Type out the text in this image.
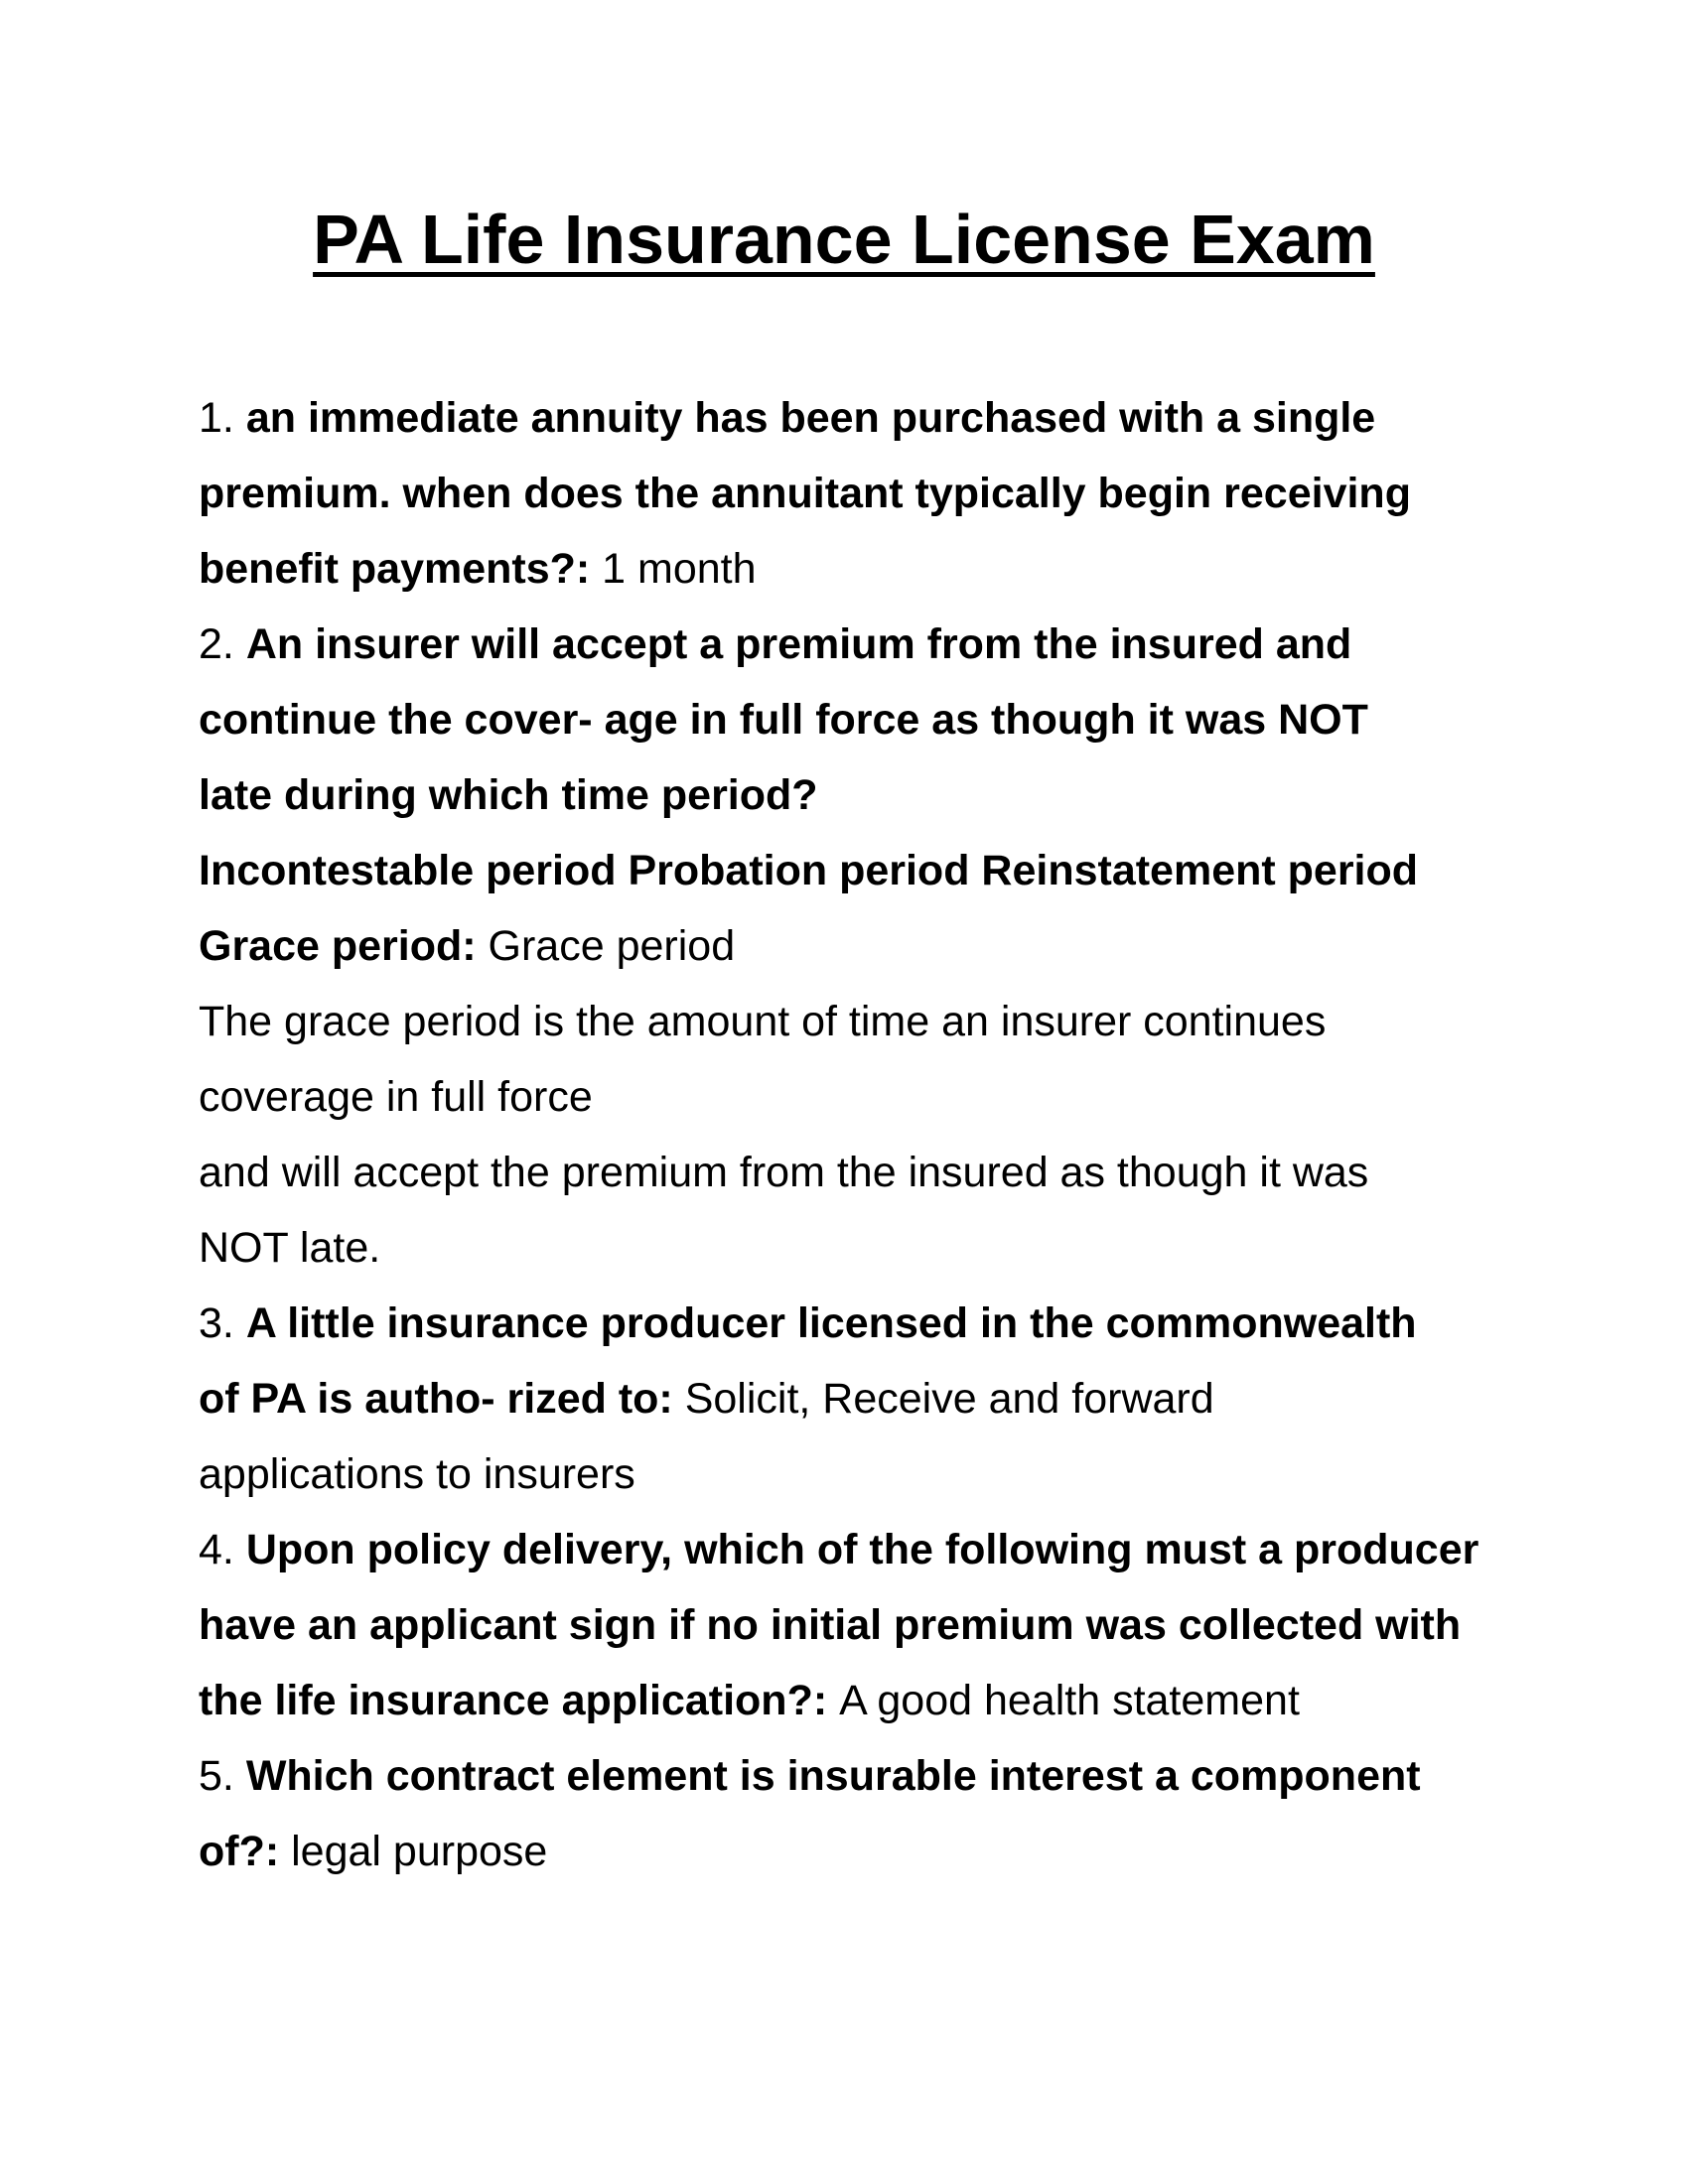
PA Life Insurance License Exam
1. an immediate annuity has been purchased with a single
premium. when does the annuitant typically begin receiving
benefit payments?: 1 month
2. An insurer will accept a premium from the insured and
continue the cover- age in full force as though it was NOT
late during which time period?
Incontestable period Probation period Reinstatement period
Grace period: Grace period
The grace period is the amount of time an insurer continues
coverage in full force
and will accept the premium from the insured as though it was
NOT late.
3. A little insurance producer licensed in the commonwealth
of PA is autho- rized to: Solicit, Receive and forward
applications to insurers
4. Upon policy delivery, which of the following must a producer
have an applicant sign if no initial premium was collected with
the life insurance application?: A good health statement
5. Which contract element is insurable interest a component
of?: legal purpose
